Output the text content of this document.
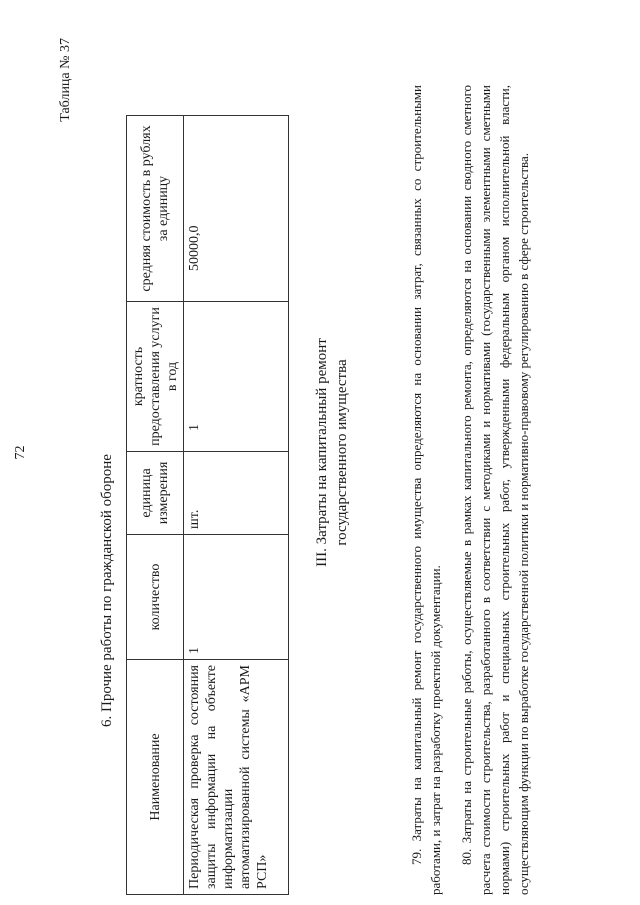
72
Таблица № 37
6. Прочие работы по гражданской обороне
Наименование	количество	единица измерения	кратность предоставления услуги в год	средняя стоимость в рублях за единицу
Периодическая проверка состояния защиты информации на объекте информатизации автоматизированной системы «АРМ РСП»	1	шт.	1	50000,0
III. Затраты на капитальный ремонт государственного имущества	79. Затраты на капитальный ремонт государственного имущества определяются на основании затрат, связанных со строительными работами, и затрат на разработку проектной документации. 80. Затраты на строительные работы, осуществляемые в рамках капитального ремонта, определяются на основании сводного сметного расчета стоимости строительства, разработанного в соответствии с методиками и нормативами (государственными элементными сметными нормами) строительных работ и специальных строительных работ, утвержденными федеральным органом исполнительной власти, осуществляющим функции по выработке государственной политики и нормативно-правовому регулированию в сфере строительства.
